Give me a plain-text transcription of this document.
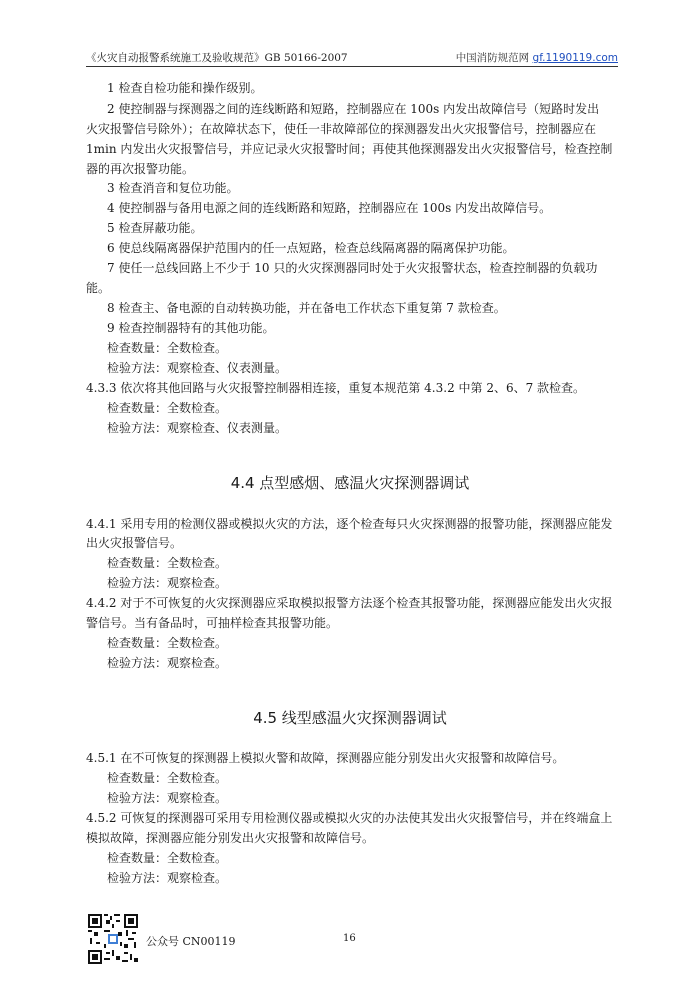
《火灾自动报警系统施工及验收规范》GB 50166-2007	中国消防规范网 gf.1190119.com
1 检查自检功能和操作级别。
2 使控制器与探测器之间的连线断路和短路，控制器应在 100s 内发出故障信号（短路时发出
火灾报警信号除外）；在故障状态下，使任一非故障部位的探测器发出火灾报警信号，控制器应在
1min 内发出火灾报警信号，并应记录火灾报警时间；再使其他探测器发出火灾报警信号，检查控制
器的再次报警功能。
3 检查消音和复位功能。
4 使控制器与备用电源之间的连线断路和短路，控制器应在 100s 内发出故障信号。
5 检查屏蔽功能。
6 使总线隔离器保护范围内的任一点短路，检查总线隔离器的隔离保护功能。
7 使任一总线回路上不少于 10 只的火灾探测器同时处于火灾报警状态，检查控制器的负载功
能。
8 检查主、备电源的自动转换功能，并在备电工作状态下重复第 7 款检查。
9 检查控制器特有的其他功能。
检查数量：全数检查。
检验方法：观察检查、仪表测量。
4.3.3 依次将其他回路与火灾报警控制器相连接，重复本规范第 4.3.2 中第 2、6、7 款检查。
检查数量：全数检查。
检验方法：观察检查、仪表测量。
4.4 点型感烟、感温火灾探测器调试
4.4.1 采用专用的检测仪器或模拟火灾的方法，逐个检查每只火灾探测器的报警功能，探测器应能发
出火灾报警信号。
检查数量：全数检查。
检验方法：观察检查。
4.4.2 对于不可恢复的火灾探测器应采取模拟报警方法逐个检查其报警功能，探测器应能发出火灾报
警信号。当有备品时，可抽样检查其报警功能。
检查数量：全数检查。
检验方法：观察检查。
4.5 线型感温火灾探测器调试
4.5.1 在不可恢复的探测器上模拟火警和故障，探测器应能分别发出火灾报警和故障信号。
检查数量：全数检查。
检验方法：观察检查。
4.5.2 可恢复的探测器可采用专用检测仪器或模拟火灾的办法使其发出火灾报警信号，并在终端盒上
模拟故障，探测器应能分别发出火灾报警和故障信号。
检查数量：全数检查。
检验方法：观察检查。
公众号 CN00119	16
